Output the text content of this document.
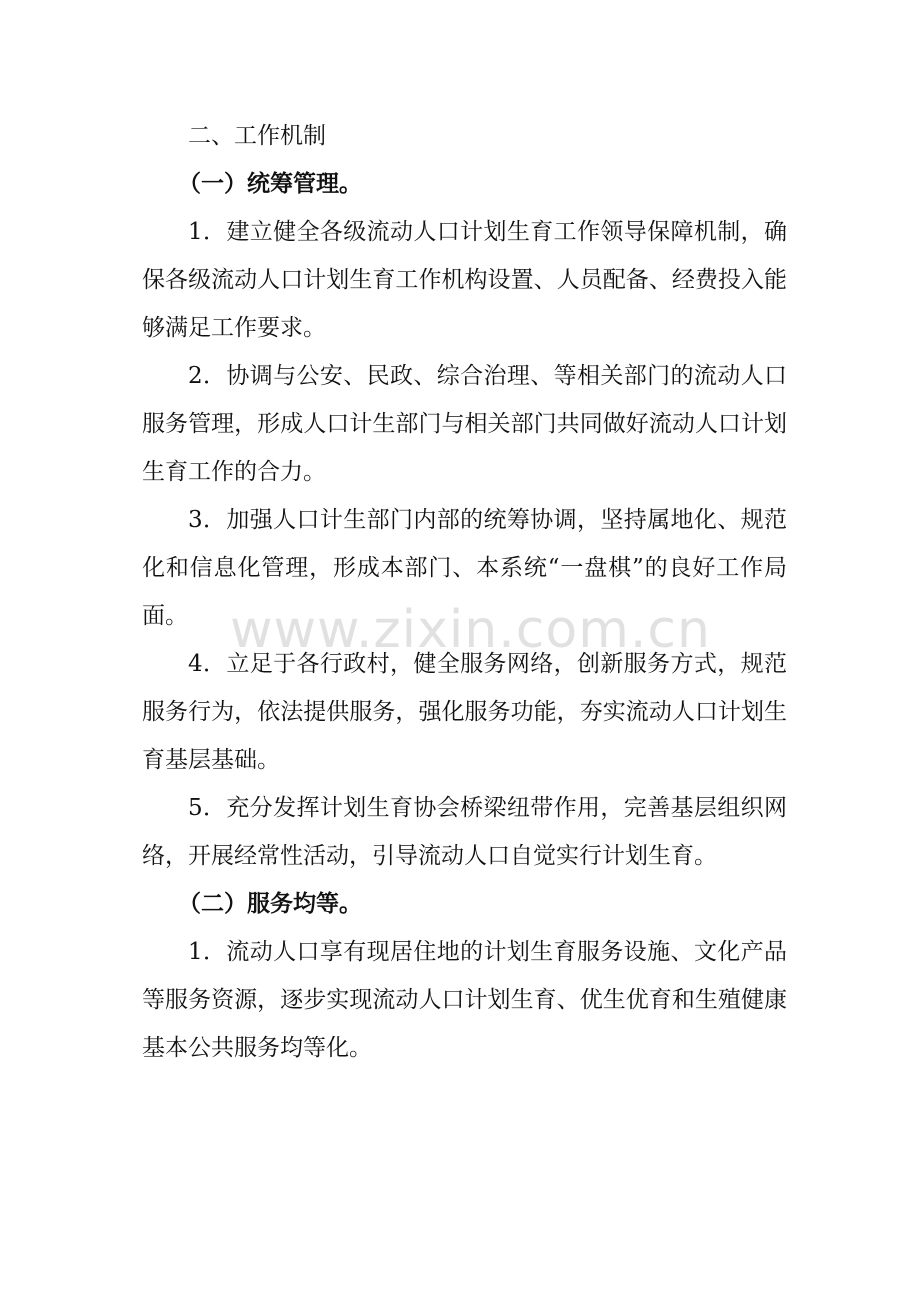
www.zixin.com.cn

二、工作机制

（一）统筹管理。

1．建立健全各级流动人口计划生育工作领导保障机制，确保各级流动人口计划生育工作机构设置、人员配备、经费投入能够满足工作要求。

2．协调与公安、民政、综合治理、等相关部门的流动人口服务管理，形成人口计生部门与相关部门共同做好流动人口计划生育工作的合力。

3．加强人口计生部门内部的统筹协调，坚持属地化、规范化和信息化管理，形成本部门、本系统“一盘棋”的良好工作局面。

4．立足于各行政村，健全服务网络，创新服务方式，规范服务行为，依法提供服务，强化服务功能，夯实流动人口计划生育基层基础。

5．充分发挥计划生育协会桥梁纽带作用，完善基层组织网络，开展经常性活动，引导流动人口自觉实行计划生育。

（二）服务均等。

1．流动人口享有现居住地的计划生育服务设施、文化产品等服务资源，逐步实现流动人口计划生育、优生优育和生殖健康基本公共服务均等化。
